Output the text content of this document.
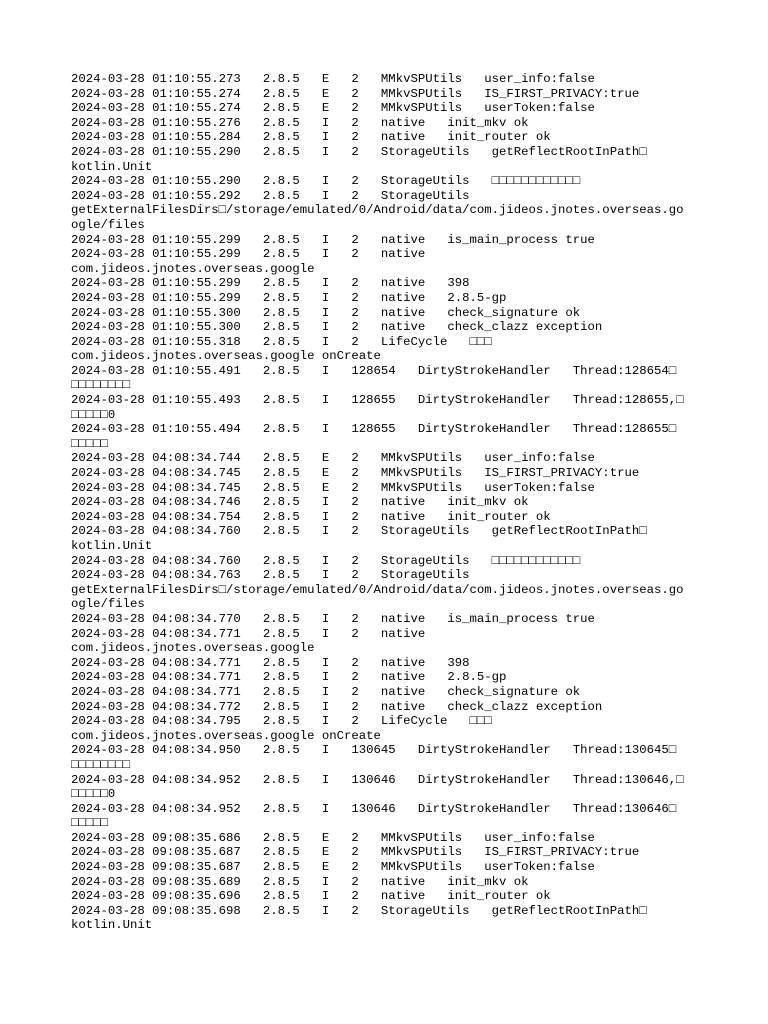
2024-03-28 01:10:55.273   2.8.5   E   2   MMkvSPUtils   user_info:false
2024-03-28 01:10:55.274   2.8.5   E   2   MMkvSPUtils   IS_FIRST_PRIVACY:true
2024-03-28 01:10:55.274   2.8.5   E   2   MMkvSPUtils   userToken:false
2024-03-28 01:10:55.276   2.8.5   I   2   native   init_mkv ok
2024-03-28 01:10:55.284   2.8.5   I   2   native   init_router ok
2024-03-28 01:10:55.290   2.8.5   I   2   StorageUtils   getReflectRootInPath□
kotlin.Unit
2024-03-28 01:10:55.290   2.8.5   I   2   StorageUtils   □□□□□□□□□□□□
2024-03-28 01:10:55.292   2.8.5   I   2   StorageUtils
getExternalFilesDirs□/storage/emulated/0/Android/data/com.jideos.jnotes.overseas.go
ogle/files
2024-03-28 01:10:55.299   2.8.5   I   2   native   is_main_process true
2024-03-28 01:10:55.299   2.8.5   I   2   native
com.jideos.jnotes.overseas.google
2024-03-28 01:10:55.299   2.8.5   I   2   native   398
2024-03-28 01:10:55.299   2.8.5   I   2   native   2.8.5-gp
2024-03-28 01:10:55.300   2.8.5   I   2   native   check_signature ok
2024-03-28 01:10:55.300   2.8.5   I   2   native   check_clazz exception
2024-03-28 01:10:55.318   2.8.5   I   2   LifeCycle   □□□
com.jideos.jnotes.overseas.google onCreate
2024-03-28 01:10:55.491   2.8.5   I   128654   DirtyStrokeHandler   Thread:128654□
□□□□□□□□
2024-03-28 01:10:55.493   2.8.5   I   128655   DirtyStrokeHandler   Thread:128655,□
□□□□□0
2024-03-28 01:10:55.494   2.8.5   I   128655   DirtyStrokeHandler   Thread:128655□
□□□□□
2024-03-28 04:08:34.744   2.8.5   E   2   MMkvSPUtils   user_info:false
2024-03-28 04:08:34.745   2.8.5   E   2   MMkvSPUtils   IS_FIRST_PRIVACY:true
2024-03-28 04:08:34.745   2.8.5   E   2   MMkvSPUtils   userToken:false
2024-03-28 04:08:34.746   2.8.5   I   2   native   init_mkv ok
2024-03-28 04:08:34.754   2.8.5   I   2   native   init_router ok
2024-03-28 04:08:34.760   2.8.5   I   2   StorageUtils   getReflectRootInPath□
kotlin.Unit
2024-03-28 04:08:34.760   2.8.5   I   2   StorageUtils   □□□□□□□□□□□□
2024-03-28 04:08:34.763   2.8.5   I   2   StorageUtils
getExternalFilesDirs□/storage/emulated/0/Android/data/com.jideos.jnotes.overseas.go
ogle/files
2024-03-28 04:08:34.770   2.8.5   I   2   native   is_main_process true
2024-03-28 04:08:34.771   2.8.5   I   2   native
com.jideos.jnotes.overseas.google
2024-03-28 04:08:34.771   2.8.5   I   2   native   398
2024-03-28 04:08:34.771   2.8.5   I   2   native   2.8.5-gp
2024-03-28 04:08:34.771   2.8.5   I   2   native   check_signature ok
2024-03-28 04:08:34.772   2.8.5   I   2   native   check_clazz exception
2024-03-28 04:08:34.795   2.8.5   I   2   LifeCycle   □□□
com.jideos.jnotes.overseas.google onCreate
2024-03-28 04:08:34.950   2.8.5   I   130645   DirtyStrokeHandler   Thread:130645□
□□□□□□□□
2024-03-28 04:08:34.952   2.8.5   I   130646   DirtyStrokeHandler   Thread:130646,□
□□□□□0
2024-03-28 04:08:34.952   2.8.5   I   130646   DirtyStrokeHandler   Thread:130646□
□□□□□
2024-03-28 09:08:35.686   2.8.5   E   2   MMkvSPUtils   user_info:false
2024-03-28 09:08:35.687   2.8.5   E   2   MMkvSPUtils   IS_FIRST_PRIVACY:true
2024-03-28 09:08:35.687   2.8.5   E   2   MMkvSPUtils   userToken:false
2024-03-28 09:08:35.689   2.8.5   I   2   native   init_mkv ok
2024-03-28 09:08:35.696   2.8.5   I   2   native   init_router ok
2024-03-28 09:08:35.698   2.8.5   I   2   StorageUtils   getReflectRootInPath□
kotlin.Unit
